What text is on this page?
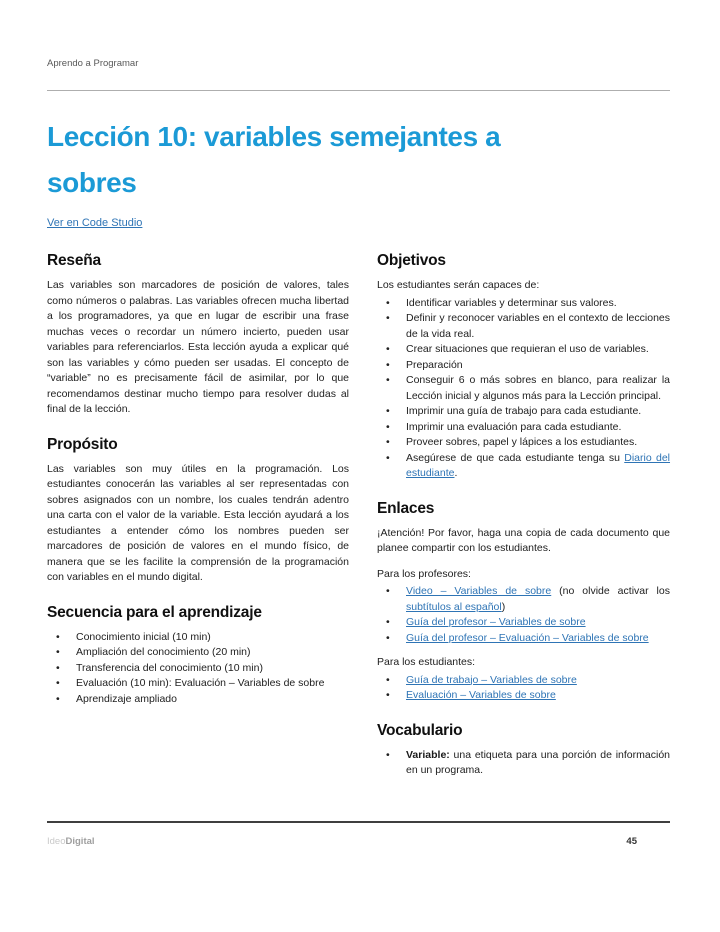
Aprendo a Programar
Lección 10: variables semejantes a sobres
Ver en Code Studio
Reseña

Las variables son marcadores de posición de valores, tales como números o palabras. Las variables ofrecen mucha libertad a los programadores, ya que en lugar de escribir una frase muchas veces o recordar un número incierto, pueden usar variables para referenciarlos. Esta lección ayuda a explicar qué son las variables y cómo pueden ser usadas. El concepto de “variable” no es precisamente fácil de asimilar, por lo que recomendamos destinar mucho tiempo para resolver dudas al final de la lección.

Propósito

Las variables son muy útiles en la programación. Los estudiantes conocerán las variables al ser representadas con sobres asignados con un nombre, los cuales tendrán adentro una carta con el valor de la variable. Esta lección ayudará a los estudiantes a entender cómo los nombres pueden ser marcadores de posición de valores en el mundo físico, de manera que se les facilite la comprensión de la programación con variables en el mundo digital.

Secuencia para el aprendizaje
• Conocimiento inicial (10 min)
• Ampliación del conocimiento (20 min)
• Transferencia del conocimiento (10 min)
• Evaluación (10 min): Evaluación – Variables de sobre
• Aprendizaje ampliado
Objetivos

Los estudiantes serán capaces de:

• Identificar variables y determinar sus valores.
• Definir y reconocer variables en el contexto de lecciones de la vida real.
• Crear situaciones que requieran el uso de variables.
• Preparación
• Conseguir 6 o más sobres en blanco, para realizar la Lección inicial y algunos más para la Lección principal.
• Imprimir una guía de trabajo para cada estudiante.
• Imprimir una evaluación para cada estudiante.
• Proveer sobres, papel y lápices a los estudiantes.
• Asegúrese de que cada estudiante tenga su Diario del estudiante.
Enlaces

¡Atención! Por favor, haga una copia de cada documento que planee compartir con los estudiantes.

Para los profesores:

• Video – Variables de sobre (no olvide activar los subtítulos al español)
• Guía del profesor – Variables de sobre
• Guía del profesor – Evaluación – Variables de sobre

Para los estudiantes:

• Guía de trabajo – Variables de sobre
• Evaluación – Variables de sobre
Vocabulario
• Variable: una etiqueta para una porción de información en un programa.
IdeoDigital	45
